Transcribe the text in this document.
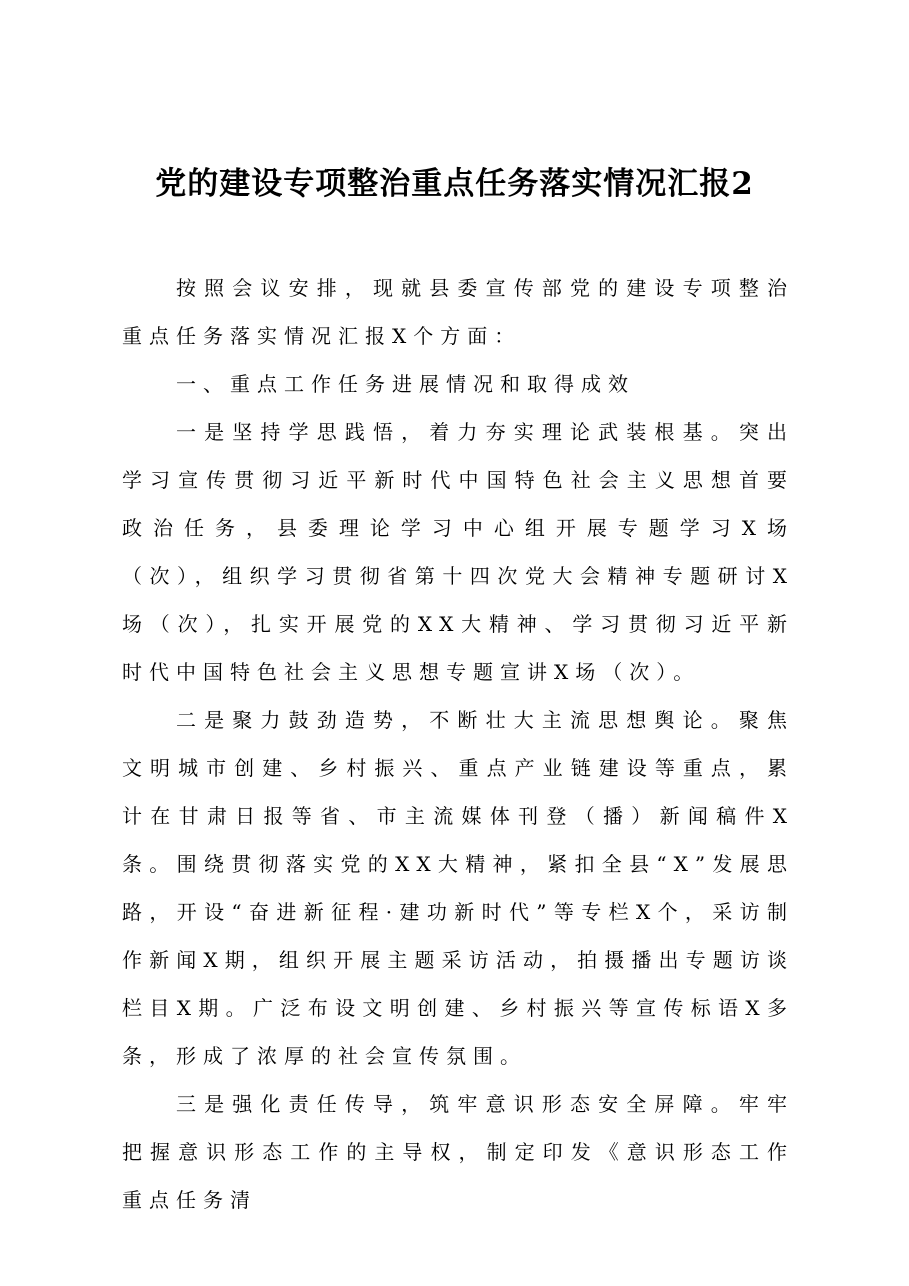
党的建设专项整治重点任务落实情况汇报2

按照会议安排，现就县委宣传部党的建设专项整治重点任务落实情况汇报X个方面：

一、重点工作任务进展情况和取得成效

一是坚持学思践悟，着力夯实理论武装根基。突出学习宣传贯彻习近平新时代中国特色社会主义思想首要政治任务，县委理论学习中心组开展专题学习X场（次），组织学习贯彻省第十四次党大会精神专题研讨X场（次），扎实开展党的XX大精神、学习贯彻习近平新时代中国特色社会主义思想专题宣讲X场（次）。

二是聚力鼓劲造势，不断壮大主流思想舆论。聚焦文明城市创建、乡村振兴、重点产业链建设等重点，累计在甘肃日报等省、市主流媒体刊登（播）新闻稿件X条。围绕贯彻落实党的XX大精神，紧扣全县“X”发展思路，开设“奋进新征程·建功新时代”等专栏X个，采访制作新闻X期，组织开展主题采访活动，拍摄播出专题访谈栏目X期。广泛布设文明创建、乡村振兴等宣传标语X多条，形成了浓厚的社会宣传氛围。

三是强化责任传导，筑牢意识形态安全屏障。牢牢把握意识形态工作的主导权，制定印发《意识形态工作重点任务清
